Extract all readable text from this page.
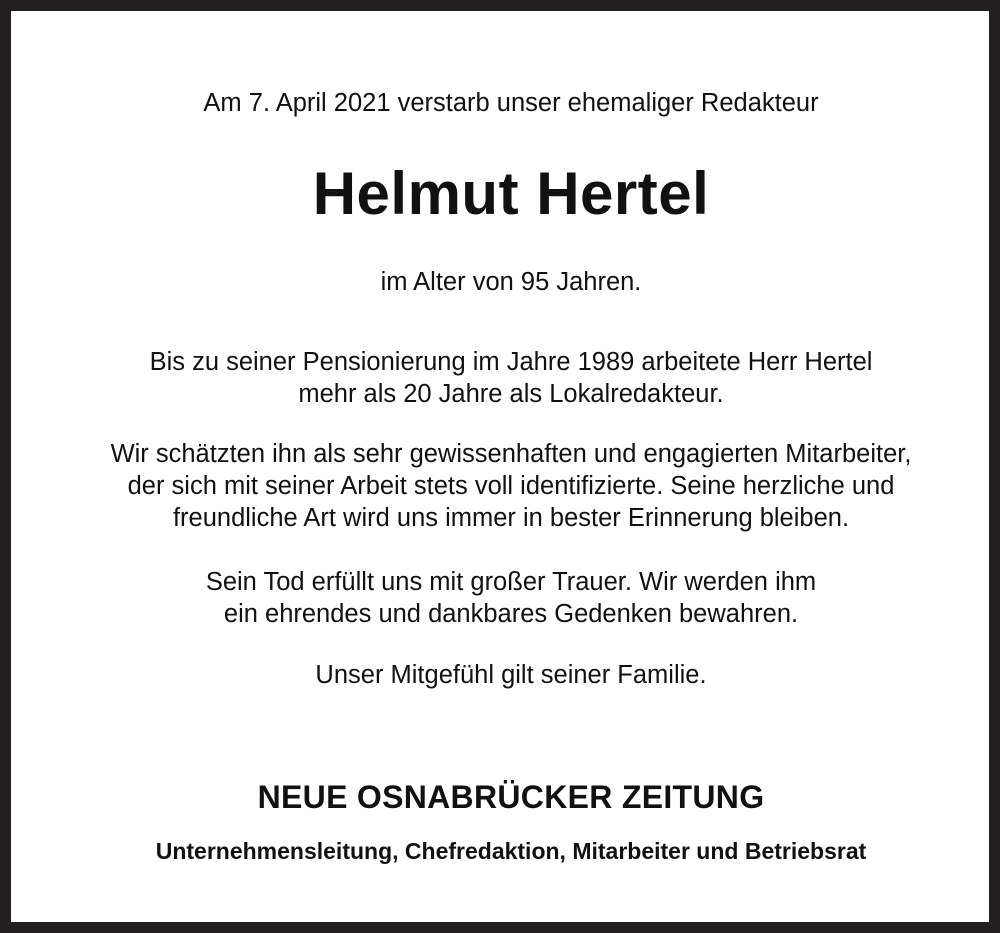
Am 7. April 2021 verstarb unser ehemaliger Redakteur

Helmut Hertel

im Alter von 95 Jahren.

Bis zu seiner Pensionierung im Jahre 1989 arbeitete Herr Hertel

mehr als 20 Jahre als Lokalredakteur.

Wir schätzten ihn als sehr gewissenhaften und engagierten Mitarbeiter,

der sich mit seiner Arbeit stets voll identifizierte. Seine herzliche und

freundliche Art wird uns immer in bester Erinnerung bleiben.

Sein Tod erfüllt uns mit großer Trauer. Wir werden ihm

ein ehrendes und dankbares Gedenken bewahren.

Unser Mitgefühl gilt seiner Familie.

NEUE OSNABRÜCKER ZEITUNG

Unternehmensleitung, Chefredaktion, Mitarbeiter und Betriebsrat
